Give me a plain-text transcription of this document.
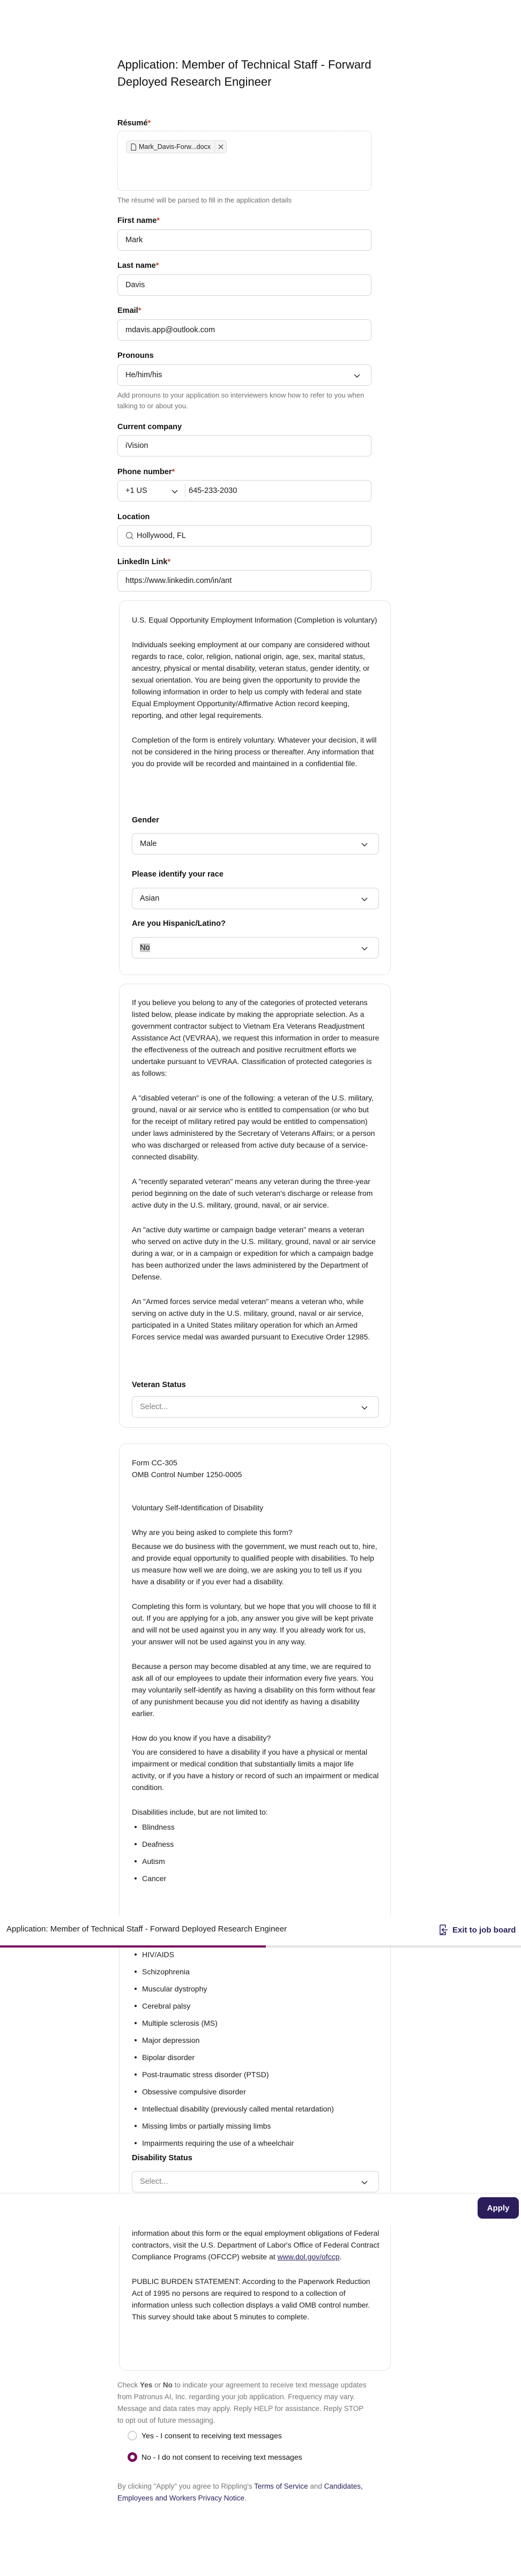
Application: Member of Technical Staff - Forward Deployed Research Engineer
Résumé*
Mark_Davis-Forw...docx
The résumé will be parsed to fill in the application details
First name*
Mark
Last name*
Davis
Email*
mdavis.app@outlook.com
Pronouns
He/him/his
Add pronouns to your application so interviewers know how to refer to you when talking to or about you.
Current company
iVision
Phone number*
+1 US	645-233-2030
Location
Hollywood, FL
LinkedIn Link*
https://www.linkedin.com/in/ant

U.S. Equal Opportunity Employment Information (Completion is voluntary)

Individuals seeking employment at our company are considered without regards to race, color, religion, national origin, age, sex, marital status, ancestry, physical or mental disability, veteran status, gender identity, or sexual orientation. You are being given the opportunity to provide the following information in order to help us comply with federal and state Equal Employment Opportunity/Affirmative Action record keeping, reporting, and other legal requirements.

Completion of the form is entirely voluntary. Whatever your decision, it will not be considered in the hiring process or thereafter. Any information that you do provide will be recorded and maintained in a confidential file.

Gender
Male
Please identify your race
Asian
Are you Hispanic/Latino?
No

If you believe you belong to any of the categories of protected veterans listed below, please indicate by making the appropriate selection. As a government contractor subject to Vietnam Era Veterans Readjustment Assistance Act (VEVRAA), we request this information in order to measure the effectiveness of the outreach and positive recruitment efforts we undertake pursuant to VEVRAA. Classification of protected categories is as follows:

A "disabled veteran" is one of the following: a veteran of the U.S. military, ground, naval or air service who is entitled to compensation (or who but for the receipt of military retired pay would be entitled to compensation) under laws administered by the Secretary of Veterans Affairs; or a person who was discharged or released from active duty because of a service-connected disability.

A "recently separated veteran" means any veteran during the three-year period beginning on the date of such veteran's discharge or release from active duty in the U.S. military, ground, naval, or air service.

An "active duty wartime or campaign badge veteran" means a veteran who served on active duty in the U.S. military, ground, naval or air service during a war, or in a campaign or expedition for which a campaign badge has been authorized under the laws administered by the Department of Defense.

An "Armed forces service medal veteran" means a veteran who, while serving on active duty in the U.S. military, ground, naval or air service, participated in a United States military operation for which an Armed Forces service medal was awarded pursuant to Executive Order 12985.

Veteran Status
Select...
Form CC-305
OMB Control Number 1250-0005

Voluntary Self-Identification of Disability

Why are you being asked to complete this form?

Because we do business with the government, we must reach out to, hire, and provide equal opportunity to qualified people with disabilities. To help us measure how well we are doing, we are asking you to tell us if you have a disability or if you ever had a disability.

Completing this form is voluntary, but we hope that you will choose to fill it out. If you are applying for a job, any answer you give will be kept private and will not be used against you in any way. If you already work for us, your answer will not be used against you in any way.

Because a person may become disabled at any time, we are required to ask all of our employees to update their information every five years. You may voluntarily self-identify as having a disability on this form without fear of any punishment because you did not identify as having a disability earlier.

How do you know if you have a disability?

You are considered to have a disability if you have a physical or mental impairment or medical condition that substantially limits a major life activity, or if you have a history or record of such an impairment or medical condition.

Disabilities include, but are not limited to:
Blindness
Deafness
Autism
Cancer
HIV/AIDS
Schizophrenia
Muscular dystrophy
Cerebral palsy
Multiple sclerosis (MS)
Major depression
Bipolar disorder
Post-traumatic stress disorder (PTSD)
Obsessive compulsive disorder
Intellectual disability (previously called mental retardation)
Missing limbs or partially missing limbs
Impairments requiring the use of a wheelchair
Disability Status
Select...

information about this form or the equal employment obligations of Federal contractors, visit the U.S. Department of Labor's Office of Federal Contract Compliance Programs (OFCCP) website at www.dol.gov/ofccp.

PUBLIC BURDEN STATEMENT: According to the Paperwork Reduction Act of 1995 no persons are required to respond to a collection of information unless such collection displays a valid OMB control number. This survey should take about 5 minutes to complete.

Check Yes or No to indicate your agreement to receive text message updates from Patronus AI, Inc. regarding your job application. Frequency may vary. Message and data rates may apply. Reply HELP for assistance. Reply STOP to opt out of future messaging.
Yes - I consent to receiving text messages
No - I do not consent to receiving text messages
By clicking "Apply" you agree to Rippling's Terms of Service and Candidates, Employees and Workers Privacy Notice.
Application: Member of Technical Staff - Forward Deployed Research Engineer	Exit to job board
Apply
